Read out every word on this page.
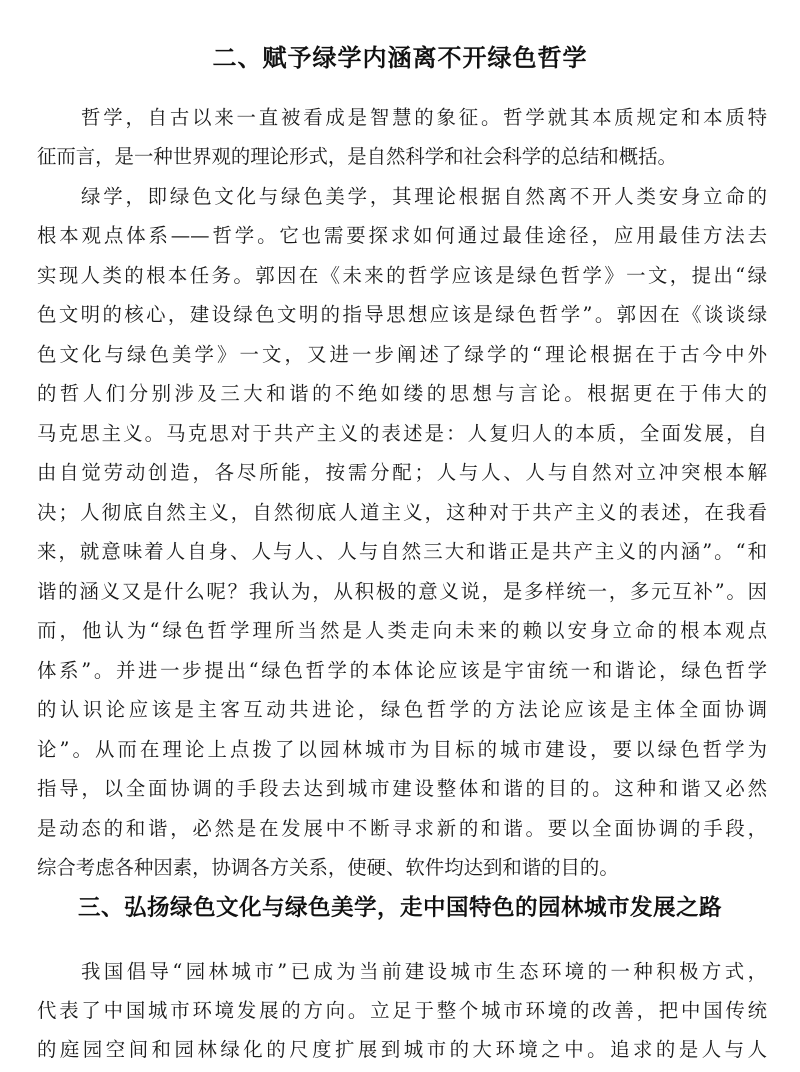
二、赋予绿学内涵离不开绿色哲学
哲学，自古以来一直被看成是智慧的象征。哲学就其本质规定和本质特
征而言，是一种世界观的理论形式，是自然科学和社会科学的总结和概括。
绿学，即绿色文化与绿色美学，其理论根据自然离不开人类安身立命的
根本观点体系——哲学。它也需要探求如何通过最佳途径，应用最佳方法去
实现人类的根本任务。郭因在《未来的哲学应该是绿色哲学》一文，提出“绿
色文明的核心，建设绿色文明的指导思想应该是绿色哲学”。郭因在《谈谈绿
色文化与绿色美学》一文，又进一步阐述了绿学的“理论根据在于古今中外
的哲人们分别涉及三大和谐的不绝如缕的思想与言论。根据更在于伟大的
马克思主义。马克思对于共产主义的表述是：人复归人的本质，全面发展，自
由自觉劳动创造，各尽所能，按需分配；人与人、人与自然对立冲突根本解
决；人彻底自然主义，自然彻底人道主义，这种对于共产主义的表述，在我看
来，就意味着人自身、人与人、人与自然三大和谐正是共产主义的内涵”。“和
谐的涵义又是什么呢？我认为，从积极的意义说，是多样统一，多元互补”。因
而，他认为“绿色哲学理所当然是人类走向未来的赖以安身立命的根本观点
体系”。并进一步提出“绿色哲学的本体论应该是宇宙统一和谐论，绿色哲学
的认识论应该是主客互动共进论，绿色哲学的方法论应该是主体全面协调
论”。从而在理论上点拨了以园林城市为目标的城市建设，要以绿色哲学为
指导，以全面协调的手段去达到城市建设整体和谐的目的。这种和谐又必然
是动态的和谐，必然是在发展中不断寻求新的和谐。要以全面协调的手段，
综合考虑各种因素，协调各方关系，使硬、软件均达到和谐的目的。
三、弘扬绿色文化与绿色美学，走中国特色的园林城市发展之路
我国倡导“园林城市”已成为当前建设城市生态环境的一种积极方式，
代表了中国城市环境发展的方向。立足于整个城市环境的改善，把中国传统
的庭园空间和园林绿化的尺度扩展到城市的大环境之中。追求的是人与人
